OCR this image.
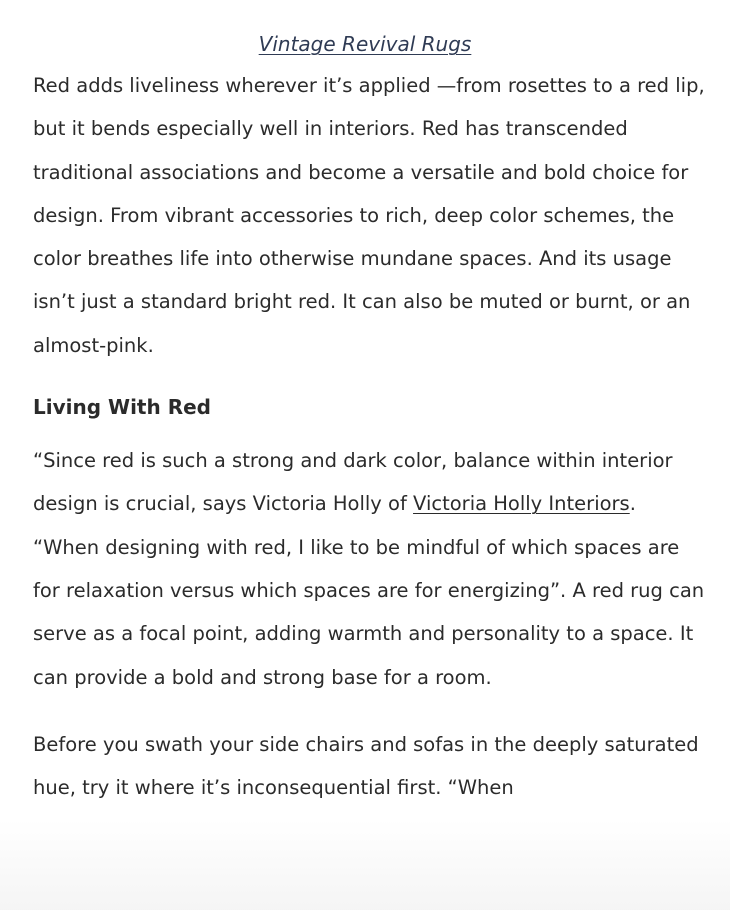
Vintage Revival Rugs

Red adds liveliness wherever it’s applied —from rosettes to a red lip, but it bends especially well in interiors. Red has transcended traditional associations and become a versatile and bold choice for design. From vibrant accessories to rich, deep color schemes, the color breathes life into otherwise mundane spaces. And its usage isn’t just a standard bright red. It can also be muted or burnt, or an almost-pink.

Living With Red

“Since red is such a strong and dark color, balance within interior design is crucial, says Victoria Holly of Victoria Holly Interiors. “When designing with red, I like to be mindful of which spaces are for relaxation versus which spaces are for energizing”. A red rug can serve as a focal point, adding warmth and personality to a space. It can provide a bold and strong base for a room.

Before you swath your side chairs and sofas in the deeply saturated hue, try it where it’s inconsequential first. “When
